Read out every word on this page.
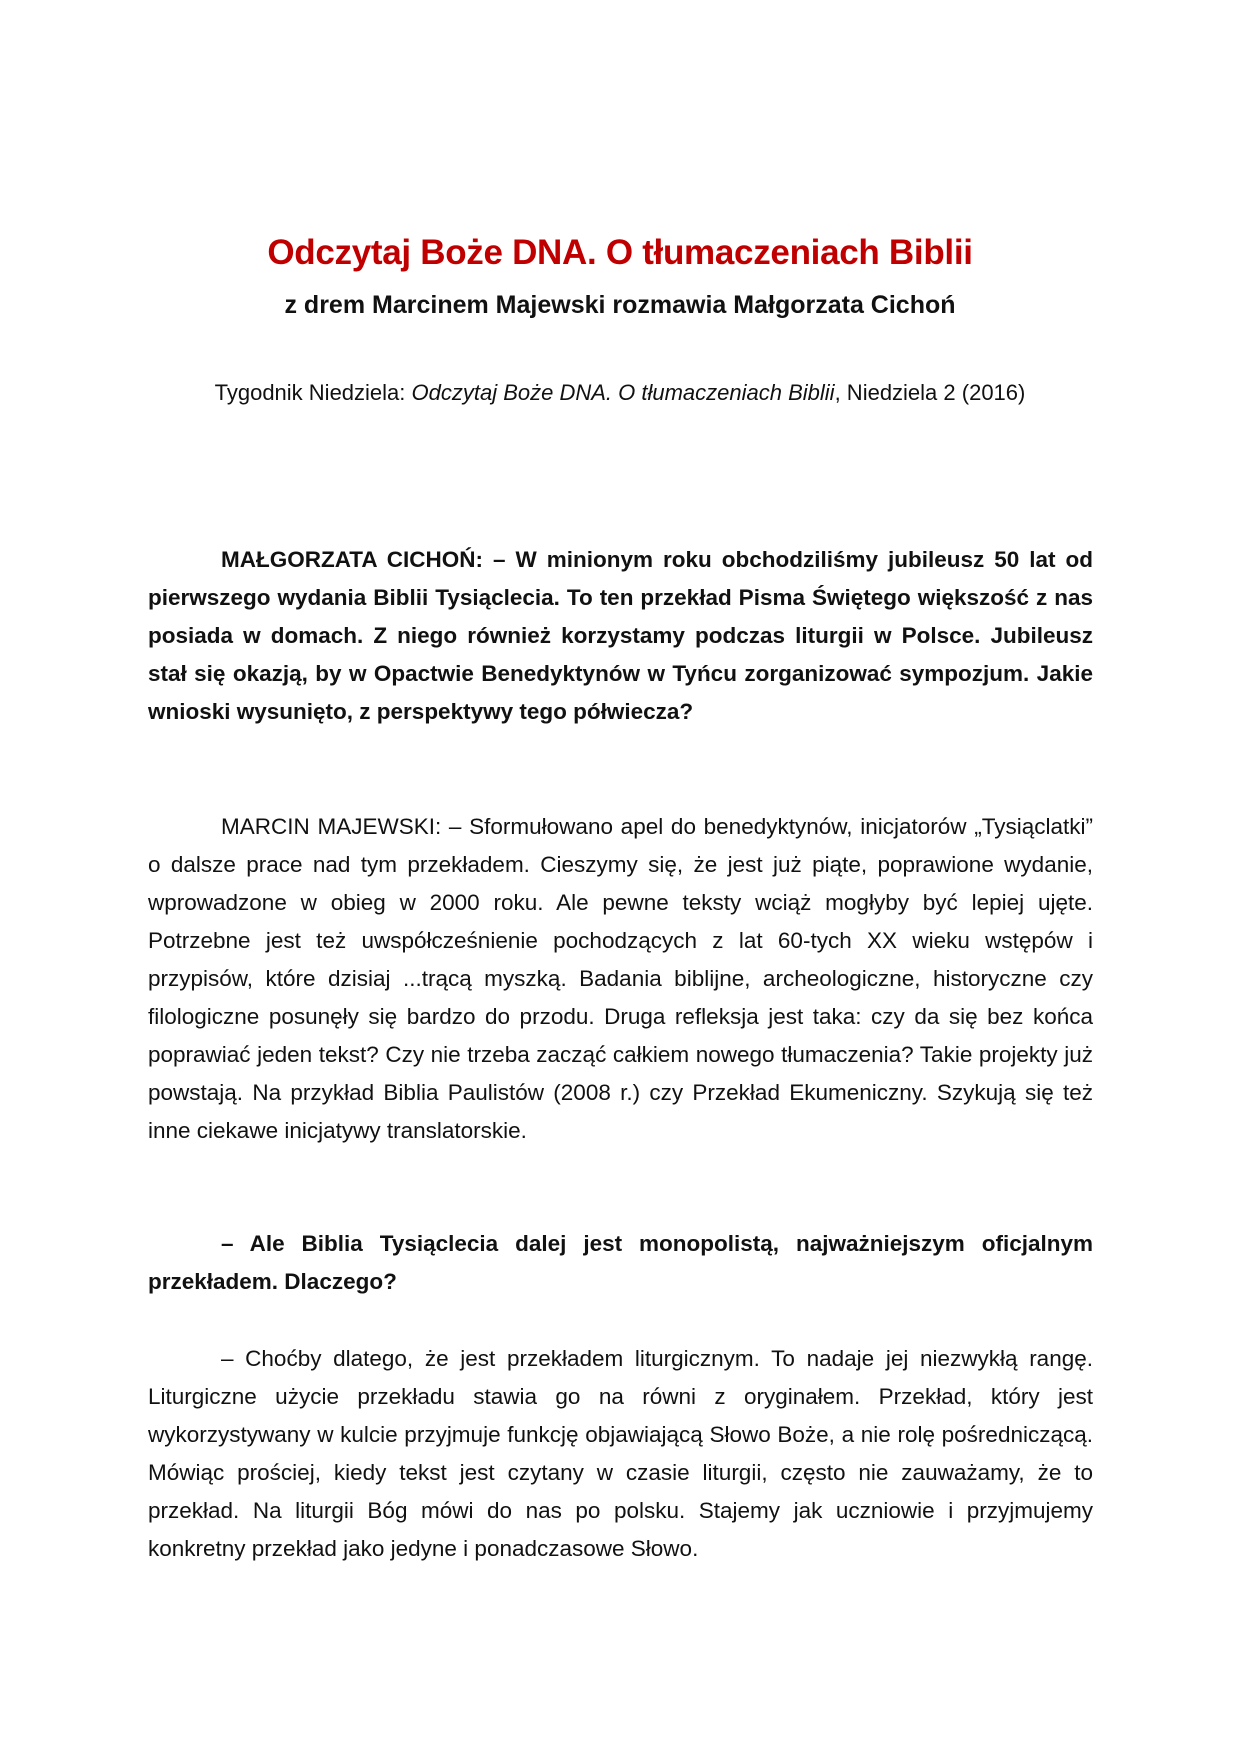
Odczytaj Boże DNA. O tłumaczeniach Biblii
z drem Marcinem Majewski rozmawia Małgorzata Cichoń

Tygodnik Niedziela: Odczytaj Boże DNA. O tłumaczeniach Biblii, Niedziela 2 (2016)

MAŁGORZATA CICHOŃ: – W minionym roku obchodziliśmy jubileusz 50 lat od pierwszego wydania Biblii Tysiąclecia. To ten przekład Pisma Świętego większość z nas posiada w domach. Z niego również korzystamy podczas liturgii w Polsce. Jubileusz stał się okazją, by w Opactwie Benedyktynów w Tyńcu zorganizować sympozjum. Jakie wnioski wysunięto, z perspektywy tego półwiecza?

MARCIN MAJEWSKI: – Sformułowano apel do benedyktynów, inicjatorów „Tysiąclatki” o dalsze prace nad tym przekładem. Cieszymy się, że jest już piąte, poprawione wydanie, wprowadzone w obieg w 2000 roku. Ale pewne teksty wciąż mogłyby być lepiej ujęte. Potrzebne jest też uwspółcześnienie pochodzących z lat 60-tych XX wieku wstępów i przypisów, które dzisiaj ...trącą myszką. Badania biblijne, archeologiczne, historyczne czy filologiczne posunęły się bardzo do przodu. Druga refleksja jest taka: czy da się bez końca poprawiać jeden tekst? Czy nie trzeba zacząć całkiem nowego tłumaczenia? Takie projekty już powstają. Na przykład Biblia Paulistów (2008 r.) czy Przekład Ekumeniczny. Szykują się też inne ciekawe inicjatywy translatorskie.

– Ale Biblia Tysiąclecia dalej jest monopolistą, najważniejszym oficjalnym przekładem. Dlaczego?

– Choćby dlatego, że jest przekładem liturgicznym. To nadaje jej niezwykłą rangę. Liturgiczne użycie przekładu stawia go na równi z oryginałem. Przekład, który jest wykorzystywany w kulcie przyjmuje funkcję objawiającą Słowo Boże, a nie rolę pośredniczącą. Mówiąc prościej, kiedy tekst jest czytany w czasie liturgii, często nie zauważamy, że to przekład. Na liturgii Bóg mówi do nas po polsku. Stajemy jak uczniowie i przyjmujemy konkretny przekład jako jedyne i ponadczasowe Słowo.
